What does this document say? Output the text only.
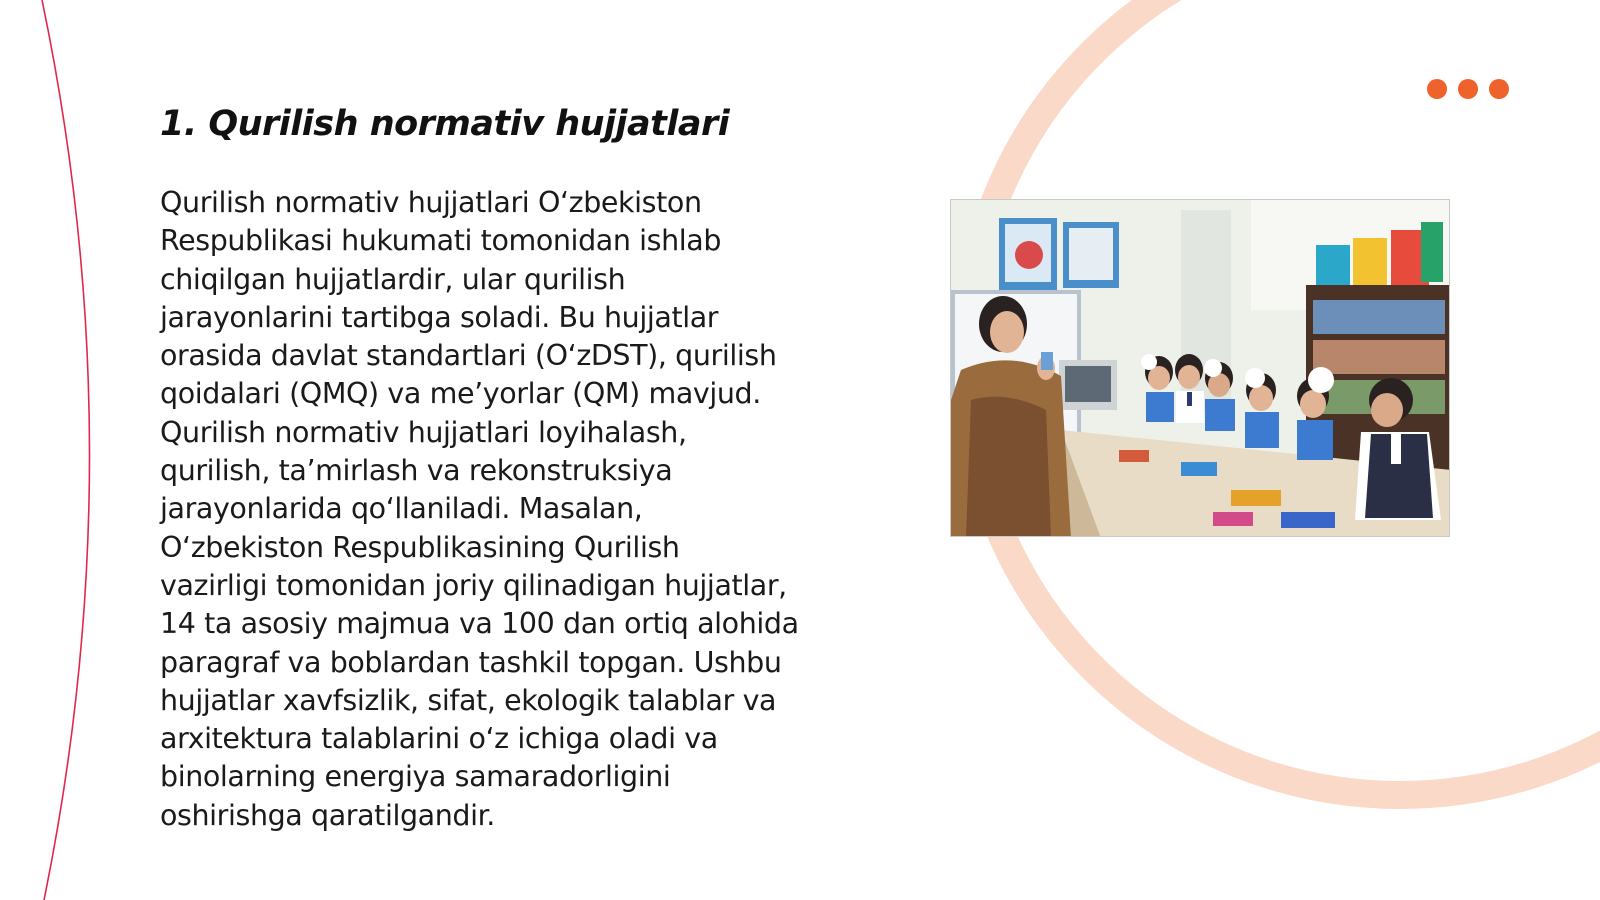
1. Qurilish normativ hujjatlari
Qurilish normativ hujjatlari O‘zbekiston
Respublikasi hukumati tomonidan ishlab
chiqilgan hujjatlardir, ular qurilish
jarayonlarini tartibga soladi. Bu hujjatlar
orasida davlat standartlari (O‘zDST), qurilish
qoidalari (QMQ) va me’yorlar (QM) mavjud.
Qurilish normativ hujjatlari loyihalash,
qurilish, ta’mirlash va rekonstruksiya
jarayonlarida qo‘llaniladi. Masalan,
O‘zbekiston Respublikasining Qurilish
vazirligi tomonidan joriy qilinadigan hujjatlar,
14 ta asosiy majmua va 100 dan ortiq alohida
paragraf va boblardan tashkil topgan. Ushbu
hujjatlar xavfsizlik, sifat, ekologik talablar va
arxitektura talablarini o‘z ichiga oladi va
binolarning energiya samaradorligini
oshirishga qaratilgandir.
